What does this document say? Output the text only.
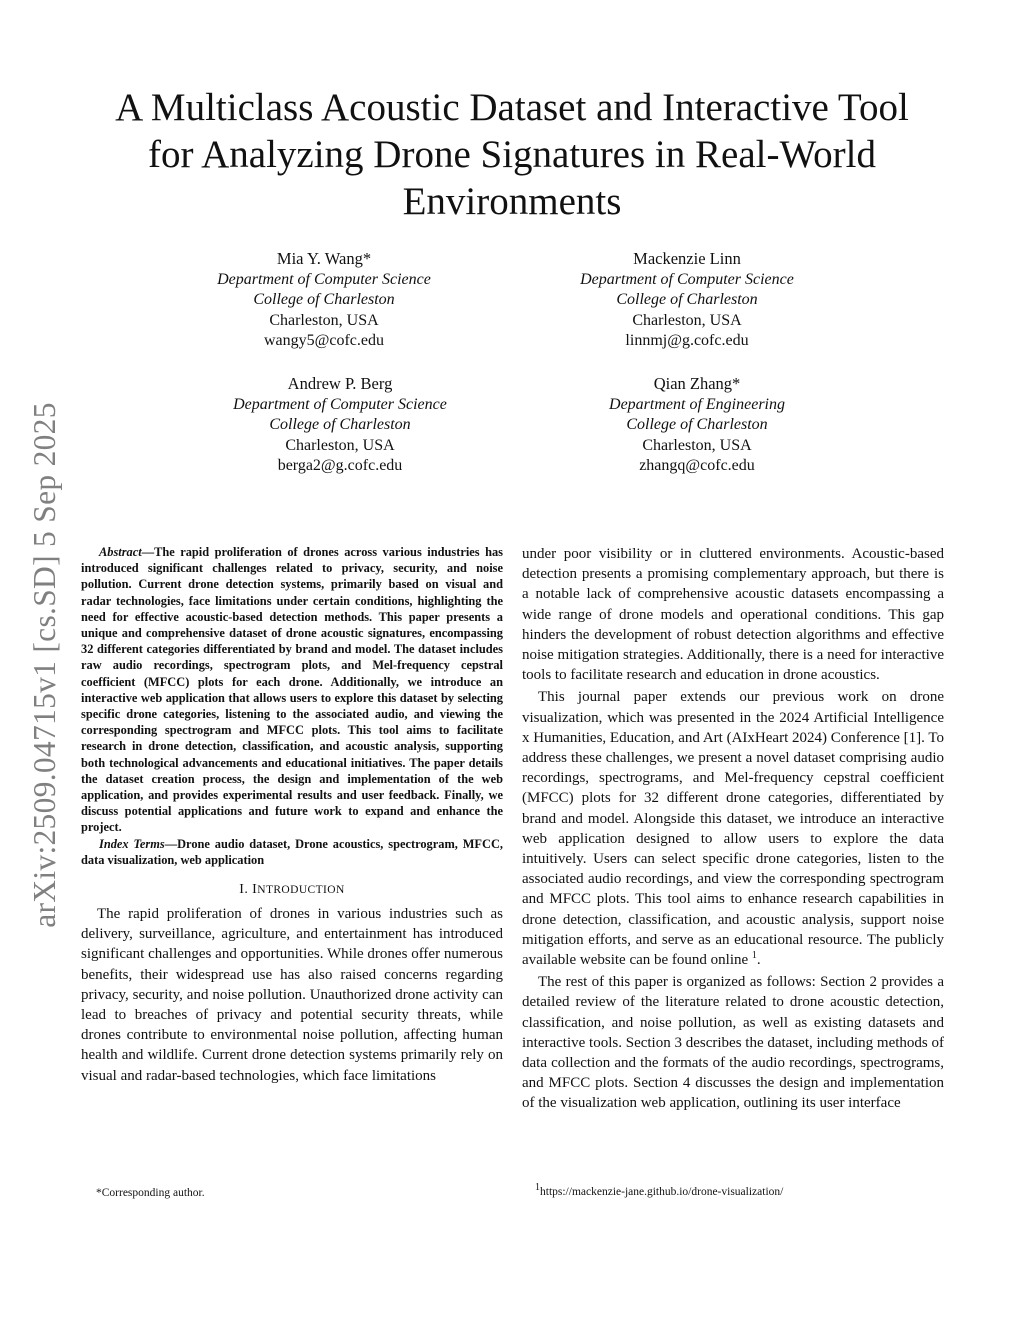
arXiv:2509.04715v1 [cs.SD] 5 Sep 2025
A Multiclass Acoustic Dataset and Interactive Tool
for Analyzing Drone Signatures in Real-World
Environments
Mia Y. Wang*
Department of Computer Science
College of Charleston
Charleston, USA
wangy5@cofc.edu
Mackenzie Linn
Department of Computer Science
College of Charleston
Charleston, USA
linnmj@g.cofc.edu
Andrew P. Berg
Department of Computer Science
College of Charleston
Charleston, USA
berga2@g.cofc.edu
Qian Zhang*
Department of Engineering
College of Charleston
Charleston, USA
zhangq@cofc.edu

Abstract—The rapid proliferation of drones across various industries has introduced significant challenges related to privacy, security, and noise pollution. Current drone detection systems, primarily based on visual and radar technologies, face limitations under certain conditions, highlighting the need for effective acoustic-based detection methods. This paper presents a unique and comprehensive dataset of drone acoustic signatures, encompassing 32 different categories differentiated by brand and model. The dataset includes raw audio recordings, spectrogram plots, and Mel-frequency cepstral coefficient (MFCC) plots for each drone. Additionally, we introduce an interactive web application that allows users to explore this dataset by selecting specific drone categories, listening to the associated audio, and viewing the corresponding spectrogram and MFCC plots. This tool aims to facilitate research in drone detection, classification, and acoustic analysis, supporting both technological advancements and educational initiatives. The paper details the dataset creation process, the design and implementation of the web application, and provides experimental results and user feedback. Finally, we discuss potential applications and future work to expand and enhance the project.

Index Terms—Drone audio dataset, Drone acoustics, spectrogram, MFCC, data visualization, web application

I. INTRODUCTION

The rapid proliferation of drones in various industries such as delivery, surveillance, agriculture, and entertainment has introduced significant challenges and opportunities. While drones offer numerous benefits, their widespread use has also raised concerns regarding privacy, security, and noise pollution. Unauthorized drone activity can lead to breaches of privacy and potential security threats, while drones contribute to environmental noise pollution, affecting human health and wildlife. Current drone detection systems primarily rely on visual and radar-based technologies, which face limitations

under poor visibility or in cluttered environments. Acoustic-based detection presents a promising complementary approach, but there is a notable lack of comprehensive acoustic datasets encompassing a wide range of drone models and operational conditions. This gap hinders the development of robust detection algorithms and effective noise mitigation strategies. Additionally, there is a need for interactive tools to facilitate research and education in drone acoustics.

This journal paper extends our previous work on drone visualization, which was presented in the 2024 Artificial Intelligence x Humanities, Education, and Art (AIxHeart 2024) Conference [1]. To address these challenges, we present a novel dataset comprising audio recordings, spectrograms, and Mel-frequency cepstral coefficient (MFCC) plots for 32 different drone categories, differentiated by brand and model. Alongside this dataset, we introduce an interactive web application designed to allow users to explore the data intuitively. Users can select specific drone categories, listen to the associated audio recordings, and view the corresponding spectrogram and MFCC plots. This tool aims to enhance research capabilities in drone detection, classification, and acoustic analysis, support noise mitigation efforts, and serve as an educational resource. The publicly available website can be found online $^1$.

The rest of this paper is organized as follows: Section 2 provides a detailed review of the literature related to drone acoustic detection, classification, and noise pollution, as well as existing datasets and interactive tools. Section 3 describes the dataset, including methods of data collection and the formats of the audio recordings, spectrograms, and MFCC plots. Section 4 discusses the design and implementation of the visualization web application, outlining its user interface

*Corresponding author.	$^1$https://mackenzie-jane.github.io/drone-visualization/
